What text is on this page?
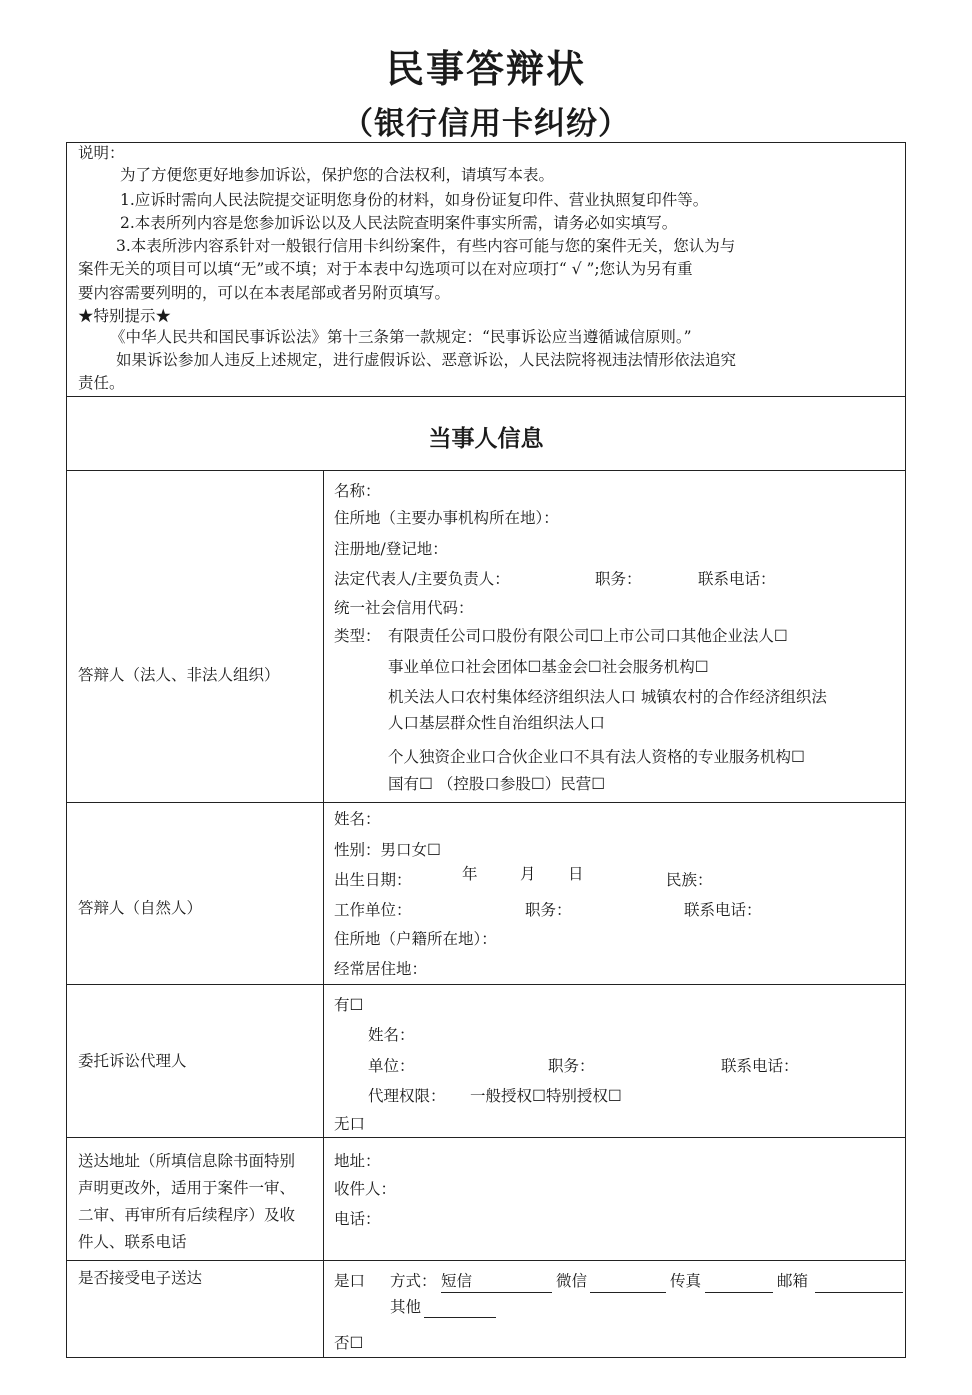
民事答辩状
（银行信用卡纠纷）
说明：
为了方便您更好地参加诉讼，保护您的合法权利，请填写本表。
1.应诉时需向人民法院提交证明您身份的材料，如身份证复印件、营业执照复印件等。
2.本表所列内容是您参加诉讼以及人民法院查明案件事实所需，请务必如实填写。
3.本表所涉内容系针对一般银行信用卡纠纷案件，有些内容可能与您的案件无关，您认为与
案件无关的项目可以填“无”或不填；对于本表中勾选项可以在对应项打“ √ ”;您认为另有重
要内容需要列明的，可以在本表尾部或者另附页填写。
★特别提示★
《中华人民共和国民事诉讼法》第十三条第一款规定：“民事诉讼应当遵循诚信原则。”
如果诉讼参加人违反上述规定，进行虚假诉讼、恶意诉讼，人民法院将视违法情形依法追究
责任。
当事人信息
答辩人（法人、非法人组织）
名称：
住所地（主要办事机构所在地）：
注册地/登记地：
法定代表人/主要负责人：	职务：	联系电话：
统一社会信用代码：
类型： 有限责任公司口股份有限公司☐上市公司口其他企业法人☐
事业单位口社会团体☐基金会☐社会服务机构☐
机关法人口农村集体经济组织法人口 城镇农村的合作经济组织法
人口基层群众性自治组织法人口
个人独资企业口合伙企业口不具有法人资格的专业服务机构☐
国有☐ （控股口参股☐）民营☐
答辩人（自然人）
姓名：
性别：男口女☐
出生日期：	年	月 日	民族：
工作单位：	职务：	联系电话：
住所地（户籍所在地）：
经常居住地：
委托诉讼代理人
有☐
姓名：
单位：	职务：	联系电话：
代理权限： 一般授权☐特别授权☐
无口
送达地址（所填信息除书面特别
声明更改外，适用于案件一审、
二审、再审所有后续程序）及收
件人、联系电话
地址：
收件人：
电话：
是否接受电子送达	是口 方式： 短信	微信	传真	邮箱
其他
否☐
